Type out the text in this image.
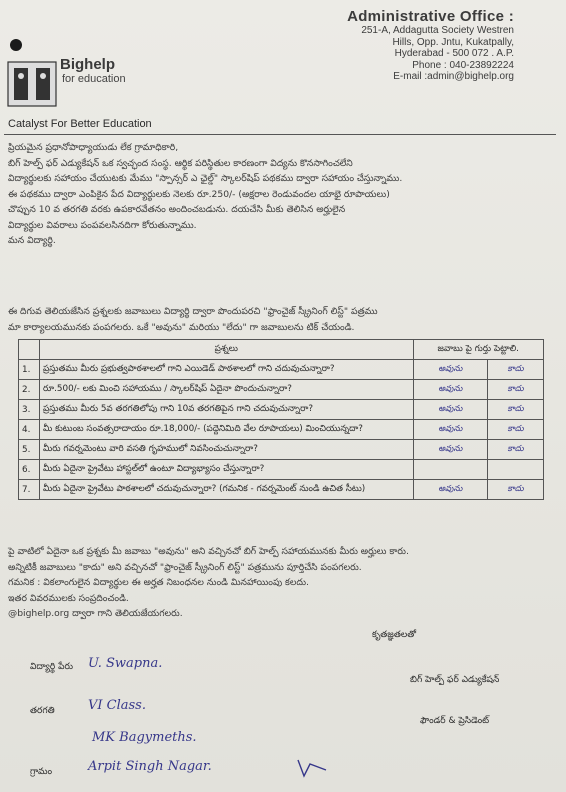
Bighelp
for education
Administrative Office :
251-A, Addagutta Society Westren
Hills, Opp. Jntu, Kukatpally,
Hyderabad - 500 072 . A.P.
Phone : 040-23892224
E-mail :admin@bighelp.org
Catalyst For Better Education
ప్రియమైన ప్రధానోపాధ్యాయుడు లేక గ్రామాధికారి,
బిగ్ హెల్ప్ ఫర్ ఎడ్యుకేషన్ ఒక స్వచ్ఛంద సంస్థ. ఆర్థిక పరిస్థితుల కారణంగా విద్యను కొనసాగించలేని
విద్యార్థులకు సహాయం చేయుటకు మేము "స్పాన్సర్ ఎ ఛైల్డ్" స్కాలర్‌షిప్ పథకము ద్వారా సహాయం చేస్తున్నాము.
ఈ పథకము ద్వారా ఎంపికైన పేద విద్యార్థులకు నెలకు రూ.250/- (అక్షరాల రెండువందల యాభై రూపాయలు)
చొప్పున 10 వ తరగతి వరకు ఉపకారవేతనం అందించబడును. దయచేసి మీకు తెలిసిన అర్హులైన
విద్యార్థుల వివరాలు పంపవలసినదిగా కోరుతున్నాము.
మన విద్యార్థి.
ఈ దిగువ తెలియజేసిన ప్రశ్నలకు జవాబులు విద్యార్థి ద్వారా పొందుపరచి "ఫ్రాంచైజ్ స్క్రీనింగ్ లిస్ట్" పత్రము
మా కార్యాలయమునకు పంపగలరు. ఒకే "అవును" మరియు "లేదు" గా జవాబులను టిక్ చేయండి.
	ప్రశ్నలు	జవాబు పై గుర్తు పెట్టాలి.	
1.	ప్రస్తుతము మీరు ప్రభుత్వపాఠశాలలో గాని ఎయిడెడ్ పాఠశాలలో గాని చదువుచున్నారా?	అవును	కాదు
2.	రూ.500/- లకు మించి సహాయము / స్కాలర్‌షిప్ ఏదైనా పొందుచున్నారా?	అవును	కాదు
3.	ప్రస్తుతము మీరు 5వ తరగతిలోపు గాని 10వ తరగతిపైన గాని చదువుచున్నారా?	అవును	కాదు
4.	మీ కుటుంబ సంవత్సరాదాయం రూ.18,000/- (పద్దెనిమిది వేల రూపాయలు) మించియున్నదా?	అవును	కాదు
5.	మీరు గవర్నమెంటు వారి వసతి గృహములో నివసించుచున్నారా?	అవును	కాదు
6.	మీరు ఏదైనా ప్రైవేటు హాస్టల్‌లో ఉంటూ విద్యాభ్యాసం చేస్తున్నారా?		
7.	మీరు ఏదైనా ప్రైవేటు పాఠశాలలో చదువుచున్నారా? (గమనిక - గవర్నమెంట్ నుండి ఉచిత సీటు)	అవును	కాదు
పై వాటిలో ఏదైనా ఒక ప్రశ్నకు మీ జవాబు "అవును" అని వచ్చినచో బిగ్ హెల్ప్ సహాయమునకు మీరు అర్హులు కారు.
అన్నిటికీ జవాబులు "కాదు" అని వచ్చినచో "ఫ్రాంచైజ్ స్క్రీనింగ్ లిస్ట్" పత్రమును పూర్తిచేసి పంపగలరు.
గమనిక : వికలాంగులైన విద్యార్థుల ఈ అర్హత నిబంధనల నుండి మినహాయింపు కలదు.
ఇతర వివరములకు సంప్రదించండి.
@bighelp.org ద్వారా గాని తెలియజేయగలరు.
కృతజ్ఞతలతో
బిగ్ హెల్ప్ ఫర్ ఎడ్యుకేషన్
ఫౌండర్ & ప్రెసిడెంట్
విద్యార్థి పేరు U. Swapna.
తరగతి	VI Class.
MK Bagymeths.
గ్రామం	Arpit Singh Nagar.
